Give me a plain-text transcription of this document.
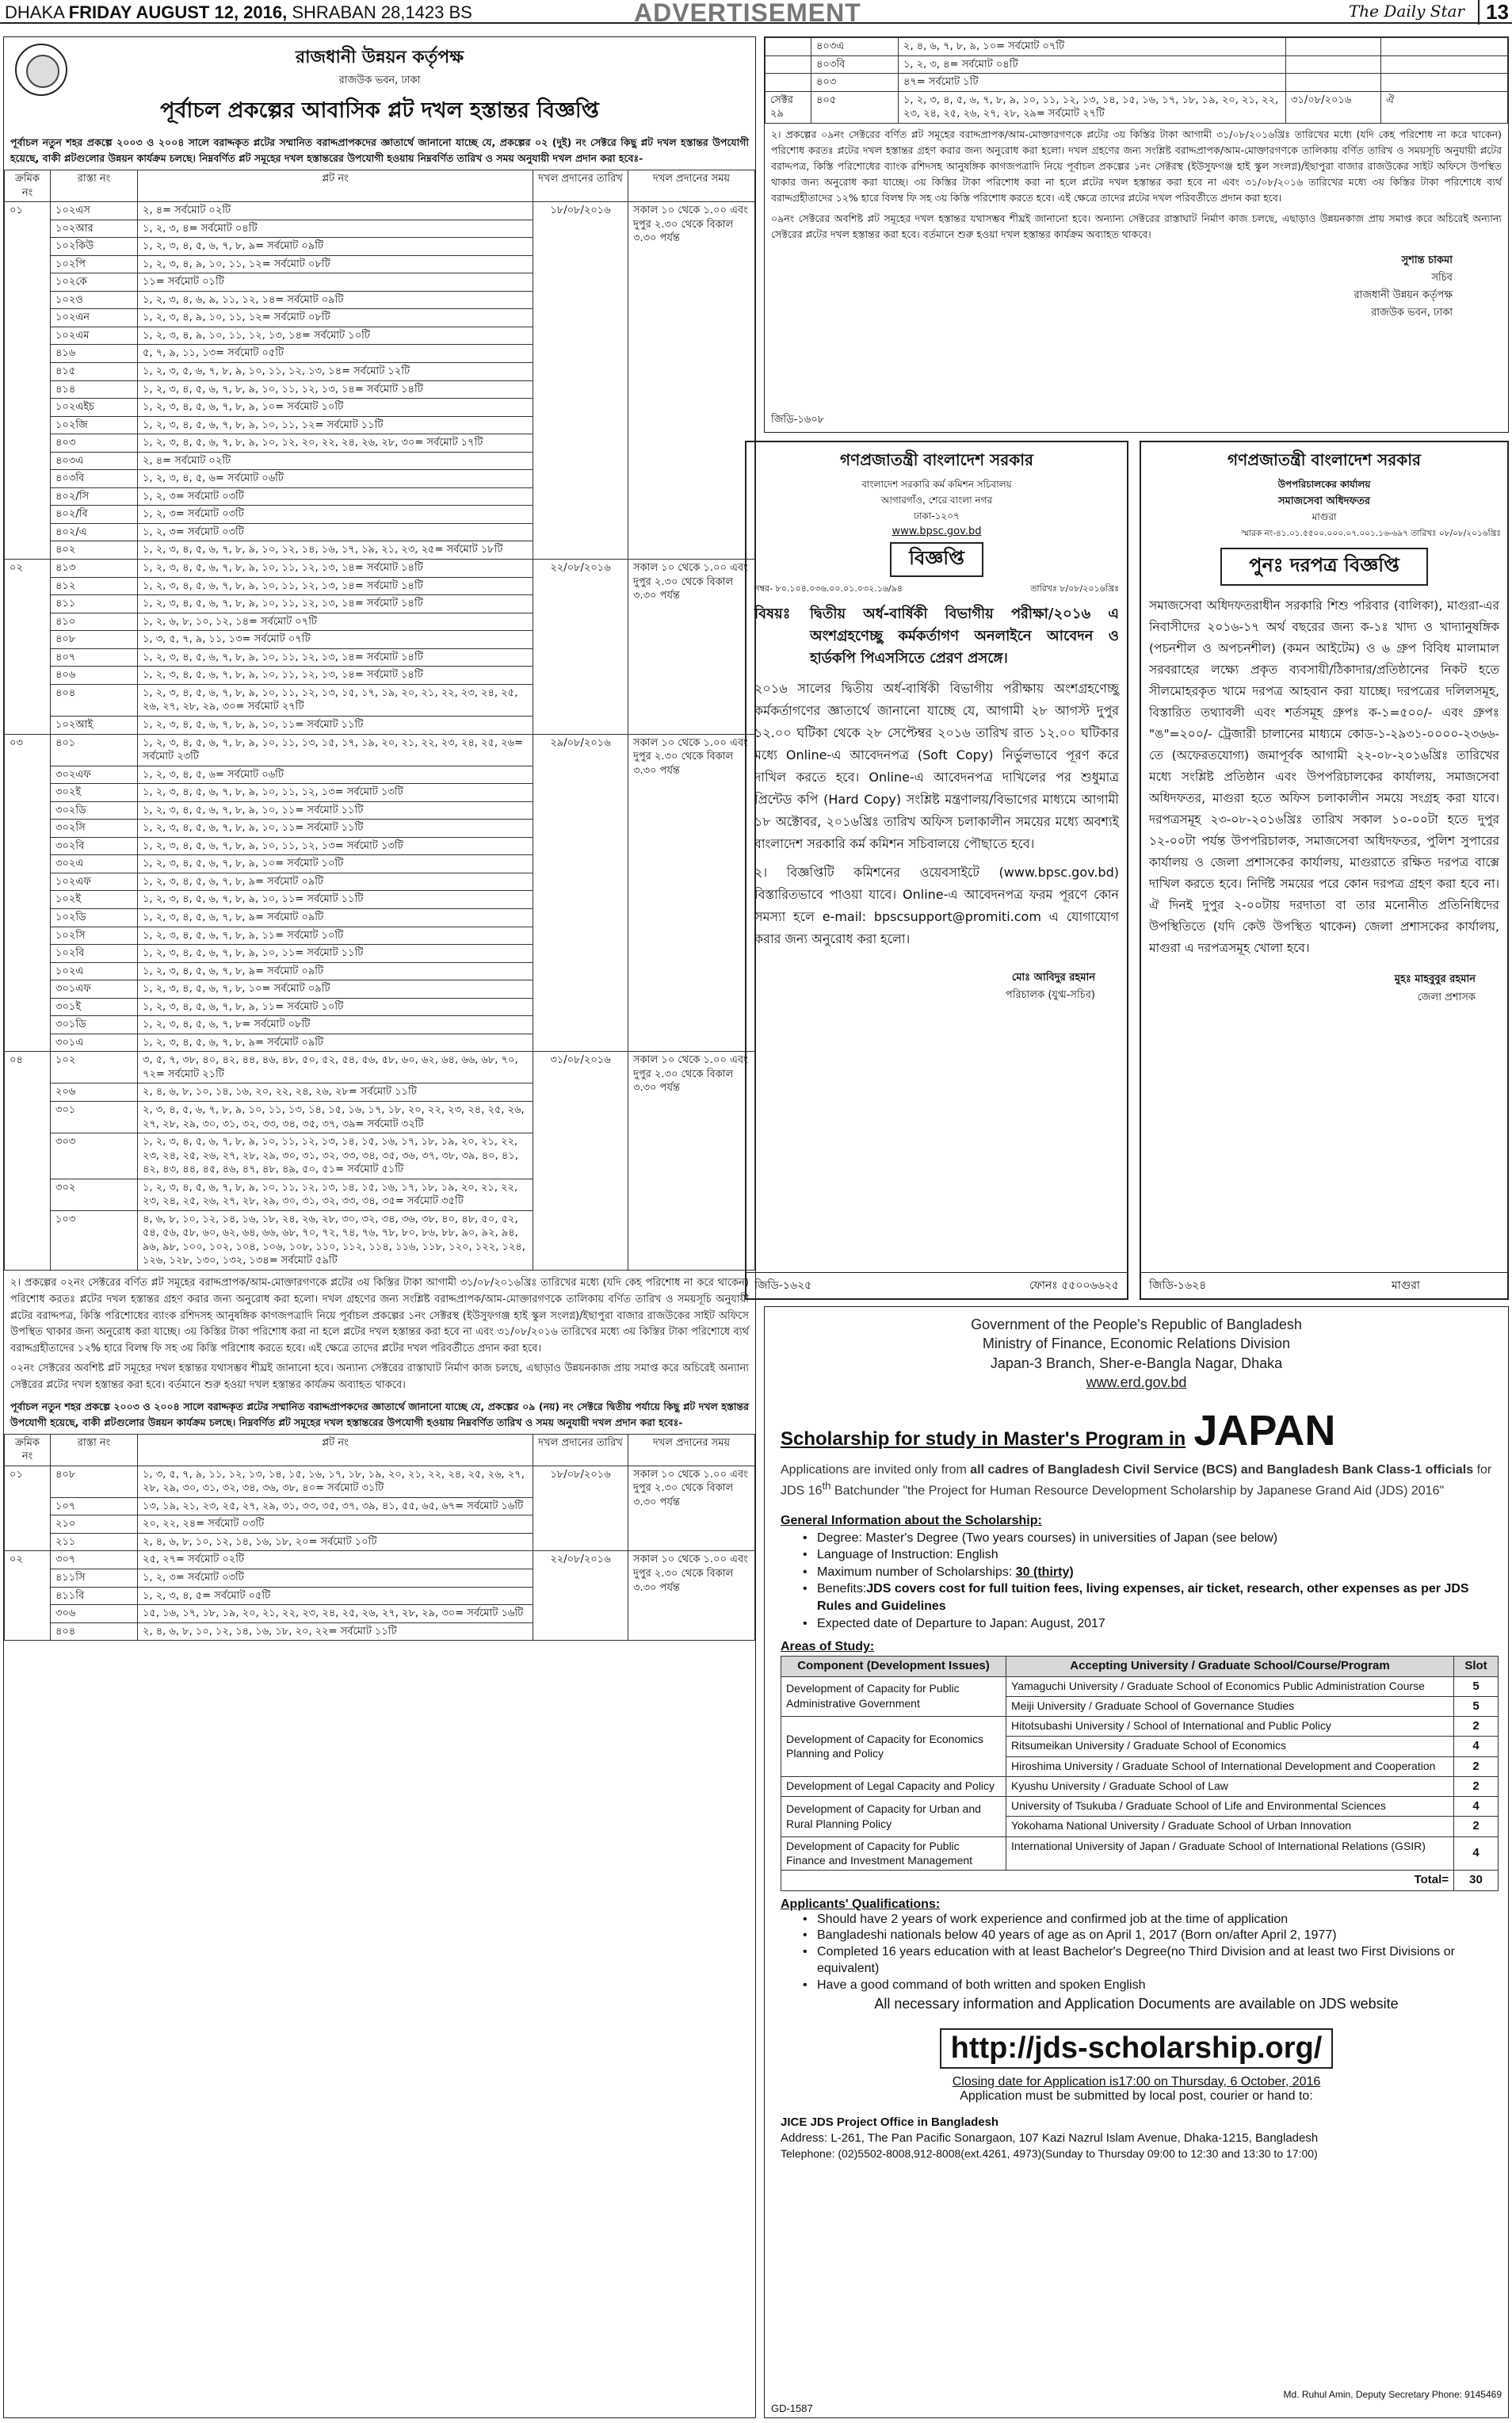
DHAKA FRIDAY AUGUST 12, 2016, SHRABAN 28,1423 BS	ADVERTISEMENT	The Daily Star	13
রাজধানী উন্নয়ন কর্তৃপক্ষ
রাজউক ভবন, ঢাকা
পূর্বাচল প্রকল্পের আবাসিক প্লট দখল হস্তান্তর বিজ্ঞপ্তি
পূর্বাচল নতুন শহর প্রকল্পে ২০০৩ ও ২০০৪ সালে বরাদ্দকৃত প্লটের সম্মানিত বরাদ্দপ্রাপকদের জ্ঞাতার্থে জানানো যাচ্ছে যে, প্রকল্পের ০২ (দুই) নং সেক্টরে কিছু প্লট দখল হস্তান্তর উপযোগী হয়েছে, বাকী প্লটগুলোর উন্নয়ন কার্যক্রম চলছে। নিম্নবর্ণিত প্লট সমূহের দখল হস্তান্তরের উপযোগী হওয়ায় নিম্নবর্ণিত তারিখ ও সময় অনুযায়ী দখল প্রদান করা হবেঃ-
ক্রমিক নং	রাস্তা নং	প্লট নং	দখল প্রদানের তারিখ	দখল প্রদানের সময়
০১	১০২এস	২, ৪= সর্বমোট ০২টি	১৮/০৮/২০১৬	সকাল ১০ থেকে ১.০০ এবং দুপুর ২.৩০ থেকে বিকাল ৩.৩০ পর্যন্ত
	১০২আর	১, ২, ৩, ৪= সর্বমোট ০৪টি		
	১০২কিউ	১, ২, ৩, ৪, ৫, ৬, ৭, ৮, ৯= সর্বমোট ০৯টি		
	১০২পি	১, ২, ৩, ৪, ৯, ১০, ১১, ১২= সর্বমোট ০৮টি		
	১০২কে	১১= সর্বমোট ০১টি		
	১০২ও	১, ২, ৩, ৪, ৬, ৯, ১১, ১২, ১৪= সর্বমোট ০৯টি		
	১০২এন	১, ২, ৩, ৪, ৯, ১০, ১১, ১২= সর্বমোট ০৮টি		
	১০২এম	১, ২, ৩, ৪, ৯, ১০, ১১, ১২, ১৩, ১৪= সর্বমোট ১০টি		
	৪১৬	৫, ৭, ৯, ১১, ১৩= সর্বমোট ০৫টি		
	৪১৫	১, ২, ৩, ৫, ৬, ৭, ৮, ৯, ১০, ১১, ১২, ১৩, ১৪= সর্বমোট ১২টি		
	৪১৪	১, ২, ৩, ৪, ৫, ৬, ৭, ৮, ৯, ১০, ১১, ১২, ১৩, ১৪= সর্বমোট ১৪টি		
	১০২এইচ	১, ২, ৩, ৪, ৫, ৬, ৭, ৮, ৯, ১০= সর্বমোট ১০টি		
	১০২জি	১, ২, ৩, ৪, ৫, ৬, ৭, ৮, ৯, ১০, ১১, ১২= সর্বমোট ১১টি		
	৪০৩	১, ২, ৩, ৪, ৫, ৬, ৭, ৮, ৯, ১০, ১২, ২০, ২২, ২৪, ২৬, ২৮, ৩০= সর্বমোট ১৭টি		
	৪০৩এ	২, ৪= সর্বমোট ০২টি		
	৪০৩বি	১, ২, ৩, ৪, ৫, ৬= সর্বমোট ০৬টি		
	৪০২/সি	১, ২, ৩= সর্বমোট ০৩টি		
	৪০২/বি	১, ২, ৩= সর্বমোট ০৩টি		
	৪০২/এ	১, ২, ৩= সর্বমোট ০৩টি		
	৪০২	১, ২, ৩, ৪, ৫, ৬, ৭, ৮, ৯, ১০, ১২, ১৪, ১৬, ১৭, ১৯, ২১, ২৩, ২৫= সর্বমোট ১৮টি		
০২	৪১৩	১, ২, ৩, ৪, ৫, ৬, ৭, ৮, ৯, ১০, ১১, ১২, ১৩, ১৪= সর্বমোট ১৪টি	২২/০৮/২০১৬	সকাল ১০ থেকে ১.০০ এবং দুপুর ২.৩০ থেকে বিকাল ৩.৩০ পর্যন্ত
	৪১২	১, ২, ৩, ৪, ৫, ৬, ৭, ৮, ৯, ১০, ১১, ১২, ১৩, ১৪= সর্বমোট ১৪টি		
	৪১১	১, ২, ৩, ৪, ৫, ৬, ৭, ৮, ৯, ১০, ১১, ১২, ১৩, ১৪= সর্বমোট ১৪টি		
	৪১০	১, ২, ৬, ৮, ১০, ১২, ১৪= সর্বমোট ০৭টি		
	৪০৮	১, ৩, ৫, ৭, ৯, ১১, ১৩= সর্বমোট ০৭টি		
	৪০৭	১, ২, ৩, ৪, ৫, ৬, ৭, ৮, ৯, ১০, ১১, ১২, ১৩, ১৪= সর্বমোট ১৪টি		
	৪০৬	১, ২, ৩, ৪, ৫, ৬, ৭, ৮, ৯, ১০, ১১, ১২, ১৩, ১৪= সর্বমোট ১৪টি		
	৪০৪	১, ২, ৩, ৪, ৫, ৬, ৭, ৮, ৯, ১০, ১১, ১২, ১৩, ১৫, ১৭, ১৯, ২০, ২১, ২২, ২৩, ২৪, ২৫, ২৬, ২৭, ২৮, ২৯, ৩০= সর্বমোট ২৭টি		
	১০২আই	১, ২, ৩, ৪, ৫, ৬, ৭, ৮, ৯, ১০, ১১= সর্বমোট ১১টি		
০৩	৪০১	১, ২, ৩, ৪, ৫, ৬, ৭, ৮, ৯, ১০, ১১, ১৩, ১৫, ১৭, ১৯, ২০, ২১, ২২, ২৩, ২৪, ২৫, ২৬= সর্বমোট ২৩টি	২৯/০৮/২০১৬	সকাল ১০ থেকে ১.০০ এবং দুপুর ২.৩০ থেকে বিকাল ৩.৩০ পর্যন্ত
	৩০২এফ	১, ২, ৩, ৪, ৫, ৬= সর্বমোট ০৬টি		
	৩০২ই	১, ২, ৩, ৪, ৫, ৬, ৭, ৮, ৯, ১০, ১১, ১২, ১৩= সর্বমোট ১৩টি		
	৩০২ডি	১, ২, ৩, ৪, ৫, ৬, ৭, ৮, ৯, ১০, ১১= সর্বমোট ১১টি		
	৩০২সি	১, ২, ৩, ৪, ৫, ৬, ৭, ৮, ৯, ১০, ১১= সর্বমোট ১১টি		
	৩০২বি	১, ২, ৩, ৪, ৫, ৬, ৭, ৮, ৯, ১০, ১১, ১২, ১৩= সর্বমোট ১৩টি		
	৩০২এ	১, ২, ৩, ৪, ৫, ৬, ৭, ৮, ৯, ১০= সর্বমোট ১০টি		
	১০২এফ	১, ২, ৩, ৪, ৫, ৬, ৭, ৮, ৯= সর্বমোট ০৯টি		
	১০২ই	১, ২, ৩, ৪, ৫, ৬, ৭, ৮, ৯, ১০, ১১= সর্বমোট ১১টি		
	১০২ডি	১, ২, ৩, ৪, ৫, ৬, ৭, ৮, ৯= সর্বমোট ০৯টি		
	১০২সি	১, ২, ৩, ৪, ৫, ৬, ৭, ৮, ৯, ১১= সর্বমোট ১০টি		
	১০২বি	১, ২, ৩, ৪, ৫, ৬, ৭, ৮, ৯, ১০, ১১= সর্বমোট ১১টি		
	১০২এ	১, ২, ৩, ৪, ৫, ৬, ৭, ৮, ৯= সর্বমোট ০৯টি		
	৩০১এফ	১, ২, ৩, ৪, ৫, ৬, ৭, ৮, ১০= সর্বমোট ০৯টি		
	৩০১ই	১, ২, ৩, ৪, ৫, ৬, ৭, ৮, ৯, ১১= সর্বমোট ১০টি		
	৩০১ডি	১, ২, ৩, ৪, ৫, ৬, ৭, ৮= সর্বমোট ০৮টি		
	৩০১এ	১, ২, ৩, ৪, ৫, ৬, ৭, ৮, ৯= সর্বমোট ০৯টি		
০৪	১০২	৩, ৫, ৭, ৩৮, ৪০, ৪২, ৪৪, ৪৬, ৪৮, ৫০, ৫২, ৫৪, ৫৬, ৫৮, ৬০, ৬২, ৬৪, ৬৬, ৬৮, ৭০, ৭২= সর্বমোট ২১টি	৩১/০৮/২০১৬	সকাল ১০ থেকে ১.০০ এবং দুপুর ২.৩০ থেকে বিকাল ৩.৩০ পর্যন্ত
	২০৬	২, ৪, ৬, ৮, ১০, ১৪, ১৬, ২০, ২২, ২৪, ২৬, ২৮= সর্বমোট ১১টি		
	৩০১	২, ৩, ৪, ৫, ৬, ৭, ৮, ৯, ১০, ১১, ১৩, ১৪, ১৫, ১৬, ১৭, ১৮, ২০, ২২, ২৩, ২৪, ২৫, ২৬, ২৭, ২৮, ২৯, ৩০, ৩১, ৩২, ৩৩, ৩৪, ৩৫, ৩৭, ৩৯= সর্বমোট ৩২টি		
	৩০৩	১, ২, ৩, ৪, ৫, ৬, ৭, ৮, ৯, ১০, ১১, ১২, ১৩, ১৪, ১৫, ১৬, ১৭, ১৮, ১৯, ২০, ২১, ২২, ২৩, ২৪, ২৫, ২৬, ২৭, ২৮, ২৯, ৩০, ৩১, ৩২, ৩৩, ৩৪, ৩৫, ৩৬, ৩৭, ৩৮, ৩৯, ৪০, ৪১, ৪২, ৪৩, ৪৪, ৪৫, ৪৬, ৪৭, ৪৮, ৪৯, ৫০, ৫১= সর্বমোট ৫১টি		
	৩০২	১, ২, ৩, ৪, ৫, ৬, ৭, ৮, ৯, ১০, ১১, ১২, ১৩, ১৪, ১৫, ১৬, ১৭, ১৮, ১৯, ২০, ২১, ২২, ২৩, ২৪, ২৫, ২৬, ২৭, ২৮, ২৯, ৩০, ৩১, ৩২, ৩৩, ৩৪, ৩৫= সর্বমোট ৩৫টি		
	১০৩	৪, ৬, ৮, ১০, ১২, ১৪, ১৬, ১৮, ২৪, ২৬, ২৮, ৩০, ৩২, ৩৪, ৩৬, ৩৮, ৪০, ৪৮, ৫০, ৫২, ৫৪, ৫৬, ৫৮, ৬০, ৬২, ৬৪, ৬৬, ৬৮, ৭০, ৭২, ৭৪, ৭৬, ৭৮, ৮০, ৮৬, ৮৮, ৯০, ৯২, ৯৪, ৯৬, ৯৮, ১০০, ১০২, ১০৪, ১০৬, ১০৮, ১১০, ১১২, ১১৪, ১১৬, ১১৮, ১২০, ১২২, ১২৪, ১২৬, ১২৮, ১৩০, ১৩২, ১৩৪= সর্বমোট ৫৯টি		
২। প্রকল্পের ০২নং সেক্টরের বর্ণিত প্লট সমূহের বরাদ্দপ্রাপক/আম-মোক্তারগণকে প্লটের ৩য় কিস্তির টাকা আগামী ৩১/০৮/২০১৬খ্রিঃ তারিখের মধ্যে (যদি কেহ পরিশোধ না করে থাকেন) পরিশোধ করতঃ প্লটের দখল হস্তান্তর গ্রহণ করার জন্য অনুরোধ করা হলো। দখল গ্রহণের জন্য সংশ্লিষ্ট বরাদ্দপ্রাপক/আম-মোক্তারগণকে তালিকায় বর্ণিত তারিখ ও সময়সূচি অনুযায়ী প্লটের বরাদ্দপত্র, কিস্তি পরিশোধের ব্যাংক রশিদসহ আনুষঙ্গিক কাগজপত্রাদি নিয়ে পূর্বাচল প্রকল্পের ১নং সেক্টরস্থ (ইউসুফগঞ্জ হাই স্কুল সংলগ্ন)/ইছাপুরা বাজার রাজউকের সাইট অফিসে উপস্থিত থাকার জন্য অনুরোধ করা যাচ্ছে। ৩য় কিস্তির টাকা পরিশোধ করা না হলে প্লটের দখল হস্তান্তর করা হবে না এবং ৩১/০৮/২০১৬ তারিখের মধ্যে ৩য় কিস্তির টাকা পরিশোধে ব্যর্থ বরাদ্দগ্রহীতাদের ১২% হারে বিলম্ব ফি সহ ৩য় কিস্তি পরিশোধ করতে হবে। এই ক্ষেত্রে তাদের প্লটের দখল পরিবর্তীতে প্রদান করা হবে।
০২নং সেক্টরের অবশিষ্ট প্লট সমূহের দখল হস্তান্তর যথাসম্ভব শীঘ্রই জানানো হবে। অন্যান্য সেক্টরের রাস্তাঘাট নির্মাণ কাজ চলছে, এছাড়াও উন্নয়নকাজ প্রায় সমাপ্ত করে অচিরেই অন্যান্য সেক্টরের প্লটের দখল হস্তান্তর করা হবে। বর্তমানে শুরু হওয়া দখল হস্তান্তর কার্যক্রম অব্যাহত থাকবে।
পূর্বাচল নতুন শহর প্রকল্পে ২০০৩ ও ২০০৪ সালে বরাদ্দকৃত প্লটের সম্মানিত বরাদ্দপ্রাপকদের জ্ঞাতার্থে জানানো যাচ্ছে যে, প্রকল্পের ০৯ (নয়) নং সেক্টরে দ্বিতীয় পর্যায়ে কিছু প্লট দখল হস্তান্তর উপযোগী হয়েছে, বাকী প্লটগুলোর উন্নয়ন কার্যক্রম চলছে। নিম্নবর্ণিত প্লট সমূহের দখল হস্তান্তরের উপযোগী হওয়ায় নিম্নবর্ণিত তারিখ ও সময় অনুযায়ী দখল প্রদান করা হবেঃ-
ক্রমিক নং	রাস্তা নং	প্লট নং	দখল প্রদানের তারিখ	দখল প্রদানের সময়
০১	৪০৮	১, ৩, ৫, ৭, ৯, ১১, ১২, ১৩, ১৪, ১৫, ১৬, ১৭, ১৮, ১৯, ২০, ২১, ২২, ২৪, ২৫, ২৬, ২৭, ২৮, ২৯, ৩০, ৩১, ৩২, ৩৪, ৩৬, ৩৮, ৪০= সর্বমোট ৩১টি	১৮/০৮/২০১৬	সকাল ১০ থেকে ১.০০ এবং দুপুর ২.৩০ থেকে বিকাল ৩.৩০ পর্যন্ত
	১০৭	১৩, ১৯, ২১, ২৩, ২৫, ২৭, ২৯, ৩১, ৩৩, ৩৫, ৩৭, ৩৯, ৪১, ৫৫, ৬৫, ৬৭= সর্বমোট ১৬টি		
	২১০	২০, ২২, ২৪= সর্বমোট ০৩টি		
	২১১	২, ৪, ৬, ৮, ১০, ১২, ১৪, ১৬, ১৮, ২০= সর্বমোট ১০টি		
০২	৩০৭	২৫, ২৭= সর্বমোট ০২টি	২২/০৮/২০১৬	সকাল ১০ থেকে ১.০০ এবং দুপুর ২.৩০ থেকে বিকাল ৩.৩০ পর্যন্ত
	৪১১সি	১, ২, ৩= সর্বমোট ০৩টি		
	৪১১বি	১, ২, ৩, ৪, ৫= সর্বমোট ০৫টি		
	৩০৬	১৫, ১৬, ১৭, ১৮, ১৯, ২০, ২১, ২২, ২৩, ২৪, ২৫, ২৬, ২৭, ২৮, ২৯, ৩০= সর্বমোট ১৬টি		
	৪০৪	২, ৪, ৬, ৮, ১০, ১২, ১৪, ১৬, ১৮, ২০, ২২= সর্বমোট ১১টি		
	৪০৩এ	২, ৪, ৬, ৭, ৮, ৯, ১০= সর্বমোট ০৭টি		
	৪০৩বি	১, ২, ৩, ৪= সর্বমোট ০৪টি		
	৪০৩	৪৭= সর্বমোট ১টি		
সেক্টর ২৯	৪০৫	১, ২, ৩, ৪, ৫, ৬, ৭, ৮, ৯, ১০, ১১, ১২, ১৩, ১৪, ১৫, ১৬, ১৭, ১৮, ১৯, ২০, ২১, ২২, ২৩, ২৪, ২৫, ২৬, ২৭, ২৮, ২৯= সর্বমোট ২৭টি	৩১/০৮/২০১৬	ঐ
২। প্রকল্পের ০৯নং সেক্টরের বর্ণিত প্লট সমূহের বরাদ্দপ্রাপক/আম-মোক্তারগণকে প্লটের ৩য় কিস্তির টাকা আগামী ৩১/০৮/২০১৬খ্রিঃ তারিখের মধ্যে (যদি কেহ পরিশোধ না করে থাকেন) পরিশোধ করতঃ প্লটের দখল হস্তান্তর গ্রহণ করার জন্য অনুরোধ করা হলো। দখল গ্রহণের জন্য সংশ্লিষ্ট বরাদ্দপ্রাপক/আম-মোক্তারগণকে তালিকায় বর্ণিত তারিখ ও সময়সূচি অনুযায়ী প্লটের বরাদ্দপত্র, কিস্তি পরিশোধের ব্যাংক রশিদসহ আনুষঙ্গিক কাগজপত্রাদি নিয়ে পূর্বাচল প্রকল্পের ১নং সেক্টরস্থ (ইউসুফগঞ্জ হাই স্কুল সংলগ্ন)/ইছাপুরা বাজার রাজউকের সাইট অফিসে উপস্থিত থাকার জন্য অনুরোধ করা যাচ্ছে। ৩য় কিস্তির টাকা পরিশোধ করা না হলে প্লটের দখল হস্তান্তর করা হবে না এবং ৩১/০৮/২০১৬ তারিখের মধ্যে ৩য় কিস্তির টাকা পরিশোধে ব্যর্থ বরাদ্দগ্রহীতাদের ১২% হারে বিলম্ব ফি সহ ৩য় কিস্তি পরিশোধ করতে হবে। এই ক্ষেত্রে তাদের প্লটের দখল পরিবর্তীতে প্রদান করা হবে।
০৯নং সেক্টরের অবশিষ্ট প্লট সমূহের দখল হস্তান্তর যথাসম্ভব শীঘ্রই জানানো হবে। অন্যান্য সেক্টরের রাস্তাঘাট নির্মাণ কাজ চলছে, এছাড়াও উন্নয়নকাজ প্রায় সমাপ্ত করে অচিরেই অন্যান্য সেক্টরের প্লটের দখল হস্তান্তর করা হবে। বর্তমানে শুরু হওয়া দখল হস্তান্তর কার্যক্রম অব্যাহত থাকবে।
সুশান্ত চাকমা
সচিব
রাজধানী উন্নয়ন কর্তৃপক্ষ
রাজউক ভবন, ঢাকা
জিডি-১৬০৮
গণপ্রজাতন্ত্রী বাংলাদেশ সরকার
বাংলাদেশ সরকারি কর্ম কমিশন সচিবালয়
আগারগাঁও, শেরে বাংলা নগর
ঢাকা-১২০৭
www.bpsc.gov.bd
বিজ্ঞপ্তি
নম্বর- ৮০.১০৪.০৩৬.০০.০১.০৩২.১৬/৯৪	তারিখঃ ৮/০৮/২০১৬খ্রিঃ
বিষয়ঃ	দ্বিতীয় অর্ধ-বার্ষিকী বিভাগীয় পরীক্ষা/২০১৬ এ অংশগ্রহণেচ্ছু কর্মকর্তাগণ অনলাইনে আবেদন ও হার্ডকপি পিএসসিতে প্রেরণ প্রসঙ্গে।
২০১৬ সালের দ্বিতীয় অর্ধ-বার্ষিকী বিভাগীয় পরীক্ষায় অংশগ্রহণেচ্ছু কর্মকর্তাগণের জ্ঞাতার্থে জানানো যাচ্ছে যে, আগামী ২৮ আগস্ট দুপুর ১২.০০ ঘটিকা থেকে ২৮ সেপ্টেম্বর ২০১৬ তারিখ রাত ১২.০০ ঘটিকার মধ্যে Online-এ আবেদনপত্র (Soft Copy) নির্ভুলভাবে পূরণ করে দাখিল করতে হবে। Online-এ আবেদনপত্র দাখিলের পর শুধুমাত্র প্রিন্টেড কপি (Hard Copy) সংশ্লিষ্ট মন্ত্রণালয়/বিভাগের মাধ্যমে আগামী ১৮ অক্টোবর, ২০১৬খ্রিঃ তারিখ অফিস চলাকালীন সময়ের মধ্যে অবশ্যই বাংলাদেশ সরকারি কর্ম কমিশন সচিবালয়ে পৌছাতে হবে।
২। বিজ্ঞপ্তিটি কমিশনের ওয়েবসাইটে (www.bpsc.gov.bd) বিস্তারিতভাবে পাওয়া যাবে। Online-এ আবেদনপত্র ফরম পূরণে কোন সমস্যা হলে e-mail: bpscsupport@promiti.com এ যোগাযোগ করার জন্য অনুরোধ করা হলো।
মোঃ আবিদুর রহমান
পরিচালক (যুগ্ম-সচিব)
জিডি-১৬২৫	ফোনঃ ৫৫০০৬৬২৫
গণপ্রজাতন্ত্রী বাংলাদেশ সরকার
উপপরিচালকের কার্যালয়
সমাজসেবা অধিদফতর
মাগুরা
স্মারক নং-৪১.০১.৫৫০০.০০০.০৭.০০১.১৬-৬৯৭ তারিখঃ ০৮/০৮/২০১৬খ্রিঃ
পুনঃ দরপত্র বিজ্ঞপ্তি
সমাজসেবা অধিদফতরাধীন সরকারি শিশু পরিবার (বালিকা), মাগুরা-এর নিবাসীদের ২০১৬-১৭ অর্থ বছরের জন্য ক-১ঃ খাদ্য ও খাদ্যানুষঙ্গিক (পচনশীল ও অপচনশীল) (কমন আইটেম) ও ৬ গ্রুপ বিবিধ মালামাল সরবরাহের লক্ষ্যে প্রকৃত ব্যবসায়ী/ঠিকাদার/প্রতিষ্ঠানের নিকট হতে সীলমোহরকৃত খামে দরপত্র আহবান করা যাচ্ছে। দরপত্রের দলিলসমূহ, বিস্তারিত তথ্যাবলী এবং শর্তসমূহ গ্রুপঃ ক-১=৫০০/- এবং গ্রুপঃ "ঙ"=২০০/- ট্রেজারী চালানের মাধ্যমে কোড-১-২৯৩১-০০০০-২৩৬৬-তে (অফেরতযোগ্য) জমাপূর্বক আগামী ২২-০৮-২০১৬খ্রিঃ তারিখের মধ্যে সংশ্লিষ্ট প্রতিষ্ঠান এবং উপপরিচালকের কার্যালয়, সমাজসেবা অধিদফতর, মাগুরা হতে অফিস চলাকালীন সময়ে সংগ্রহ করা যাবে। দরপত্রসমূহ ২৩-০৮-২০১৬খ্রিঃ তারিখ সকাল ১০-০০টা হতে দুপুর ১২-০০টা পর্যন্ত উপপরিচালক, সমাজসেবা অধিদফতর, পুলিশ সুপারের কার্যালয় ও জেলা প্রশাসকের কার্যালয়, মাগুরাতে রক্ষিত দরপত্র বাক্সে দাখিল করতে হবে। নির্দিষ্ট সময়ের পরে কোন দরপত্র গ্রহণ করা হবে না। ঐ দিনই দুপুর ২-০০টায় দরদাতা বা তার মনোনীত প্রতিনিধিদের উপস্থিতিতে (যদি কেউ উপস্থিত থাকেন) জেলা প্রশাসকের কার্যালয়, মাগুরা এ দরপত্রসমূহ খোলা হবে।
মুহঃ মাহবুবুর রহমান
জেলা প্রশাসক
জিডি-১৬২৪	মাগুরা
Government of the People's Republic of Bangladesh
Ministry of Finance, Economic Relations Division
Japan-3 Branch, Sher-e-Bangla Nagar, Dhaka
www.erd.gov.bd
Scholarship for study in Master's Program in JAPAN
Applications are invited only from all cadres of Bangladesh Civil Service (BCS) and Bangladesh Bank Class-1 officials for JDS 16th Batchunder "the Project for Human Resource Development Scholarship by Japanese Grand Aid (JDS) 2016"
General Information about the Scholarship:
• Degree: Master's Degree (Two years courses) in universities of Japan (see below)
• Language of Instruction: English
• Maximum number of Scholarships: 30 (thirty)
• Benefits:JDS covers cost for full tuition fees, living expenses, air ticket, research, other expenses as per JDS Rules and Guidelines
• Expected date of Departure to Japan: August, 2017
Areas of Study:
Component (Development Issues)	Accepting University / Graduate School/Course/Program	Slot
Development of Capacity for Public Administrative Government	Yamaguchi University / Graduate School of Economics Public Administration Course	5
	Meiji University / Graduate School of Governance Studies	5
Development of Capacity for Economics Planning and Policy	Hitotsubashi University / School of International and Public Policy	2
	Ritsumeikan University / Graduate School of Economics	4
	Hiroshima University / Graduate School of International Development and Cooperation	2
Development of Legal Capacity and Policy	Kyushu University / Graduate School of Law	2
Development of Capacity for Urban and Rural Planning Policy	University of Tsukuba / Graduate School of Life and Environmental Sciences	4
	Yokohama National University / Graduate School of Urban Innovation	2
Development of Capacity for Public Finance and Investment Management	International University of Japan / Graduate School of International Relations (GSIR)	4
Total=		30
Applicants' Qualifications:
• Should have 2 years of work experience and confirmed job at the time of application
• Bangladeshi nationals below 40 years of age as on April 1, 2017 (Born on/after April 2, 1977)
• Completed 16 years education with at least Bachelor's Degree(no Third Division and at least two First Divisions or equivalent)
• Have a good command of both written and spoken English
All necessary information and Application Documents are available on JDS website
http://jds-scholarship.org/
Closing date for Application is17:00 on Thursday, 6 October, 2016
Application must be submitted by local post, courier or hand to:
JICE JDS Project Office in Bangladesh
Address: L-261, The Pan Pacific Sonargaon, 107 Kazi Nazrul Islam Avenue, Dhaka-1215, Bangladesh
Telephone: (02)5502-8008,912-8008(ext.4261, 4973)(Sunday to Thursday 09:00 to 12:30 and 13:30 to 17:00)
Md. Ruhul Amin, Deputy Secretary Phone: 9145469
GD-1587
